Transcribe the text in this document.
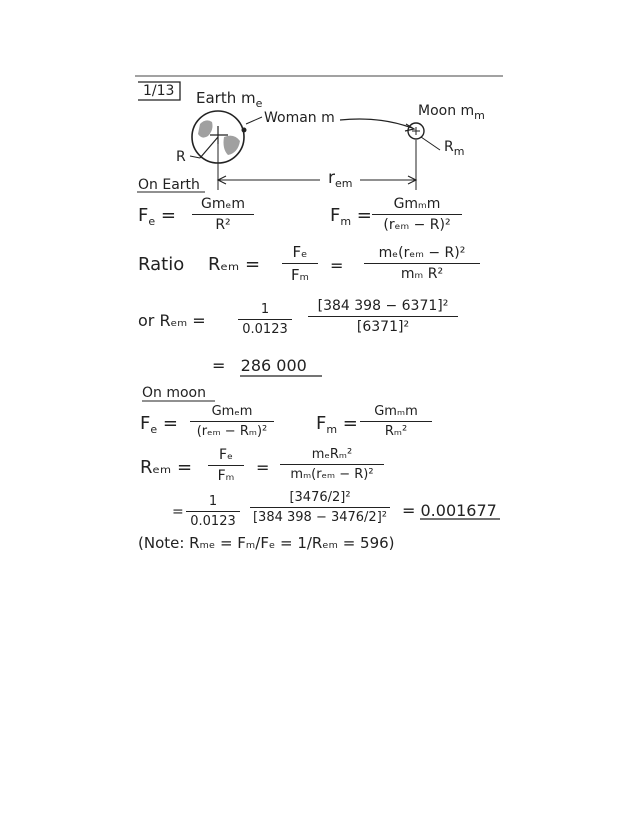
1/13 Earth $m_e$
Woman m	Moon $m_m$
R
$R_m$
$r_{em}$
On Earth
$F_e$ =
Gmₑm
R²	$F_m$ =
Gmₘm
(rₑₘ − R)²
Ratio Rₑₘ =
Fₑ
Fₘ	=
mₑ(rₑₘ − R)²
mₘ R²
or Rₑₘ =
1
0.0123
[384 398 − 6371]²
[6371]²
=   286 000
On moon
$F_e$ =
Gmₑm
(rₑₘ − Rₘ)²	$F_m$ =
Gmₘm
Rₘ²
Rₑₘ =
Fₑ
Fₘ	=
mₑRₘ²
mₘ(rₑₘ − R)²
=
1
0.0123
[3476/2]²
[384 398 − 3476/2]² = 0.001677
(Note: Rₘₑ = Fₘ/Fₑ = 1/Rₑₘ = 596)
